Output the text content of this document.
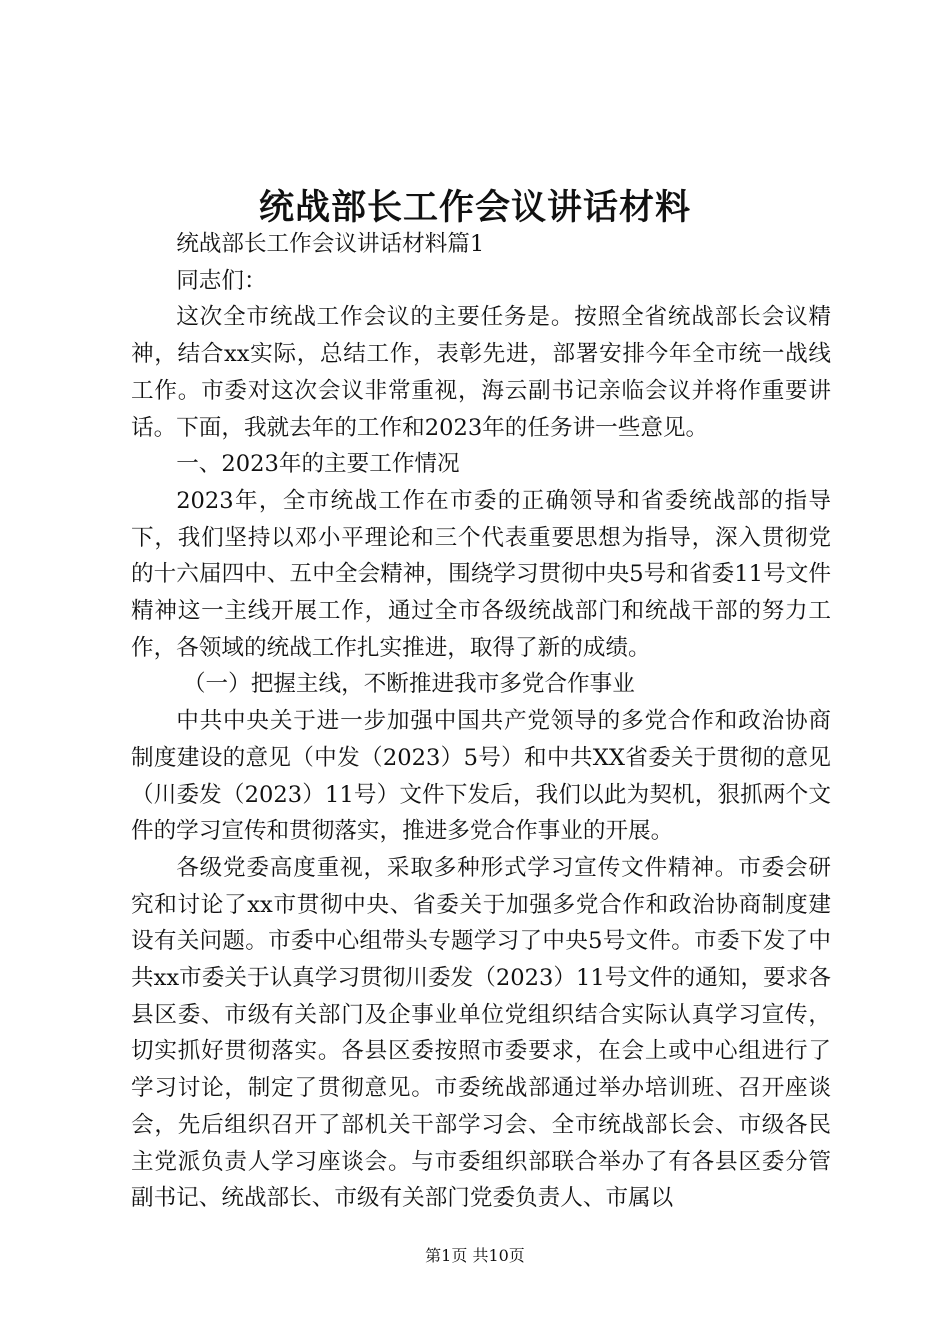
统战部长工作会议讲话材料

统战部长工作会议讲话材料篇1

同志们：

这次全市统战工作会议的主要任务是。按照全省统战部长会议精神，结合xx实际，总结工作，表彰先进，部署安排今年全市统一战线工作。市委对这次会议非常重视，海云副书记亲临会议并将作重要讲话。下面，我就去年的工作和2023年的任务讲一些意见。

一、2023年的主要工作情况

2023年，全市统战工作在市委的正确领导和省委统战部的指导下，我们坚持以邓小平理论和三个代表重要思想为指导，深入贯彻党的十六届四中、五中全会精神，围绕学习贯彻中央5号和省委11号文件精神这一主线开展工作，通过全市各级统战部门和统战干部的努力工作，各领域的统战工作扎实推进，取得了新的成绩。

（一）把握主线，不断推进我市多党合作事业

中共中央关于进一步加强中国共产党领导的多党合作和政治协商制度建设的意见（中发（2023）5号）和中共XX省委关于贯彻的意见（川委发（2023）11号）文件下发后，我们以此为契机，狠抓两个文件的学习宣传和贯彻落实，推进多党合作事业的开展。

各级党委高度重视，采取多种形式学习宣传文件精神。市委会研究和讨论了xx市贯彻中央、省委关于加强多党合作和政治协商制度建设有关问题。市委中心组带头专题学习了中央5号文件。市委下发了中共xx市委关于认真学习贯彻川委发（2023）11号文件的通知，要求各县区委、市级有关部门及企事业单位党组织结合实际认真学习宣传，切实抓好贯彻落实。各县区委按照市委要求，在会上或中心组进行了学习讨论，制定了贯彻意见。市委统战部通过举办培训班、召开座谈会，先后组织召开了部机关干部学习会、全市统战部长会、市级各民主党派负责人学习座谈会。与市委组织部联合举办了有各县区委分管副书记、统战部长、市级有关部门党委负责人、市属以

第1页 共10页
